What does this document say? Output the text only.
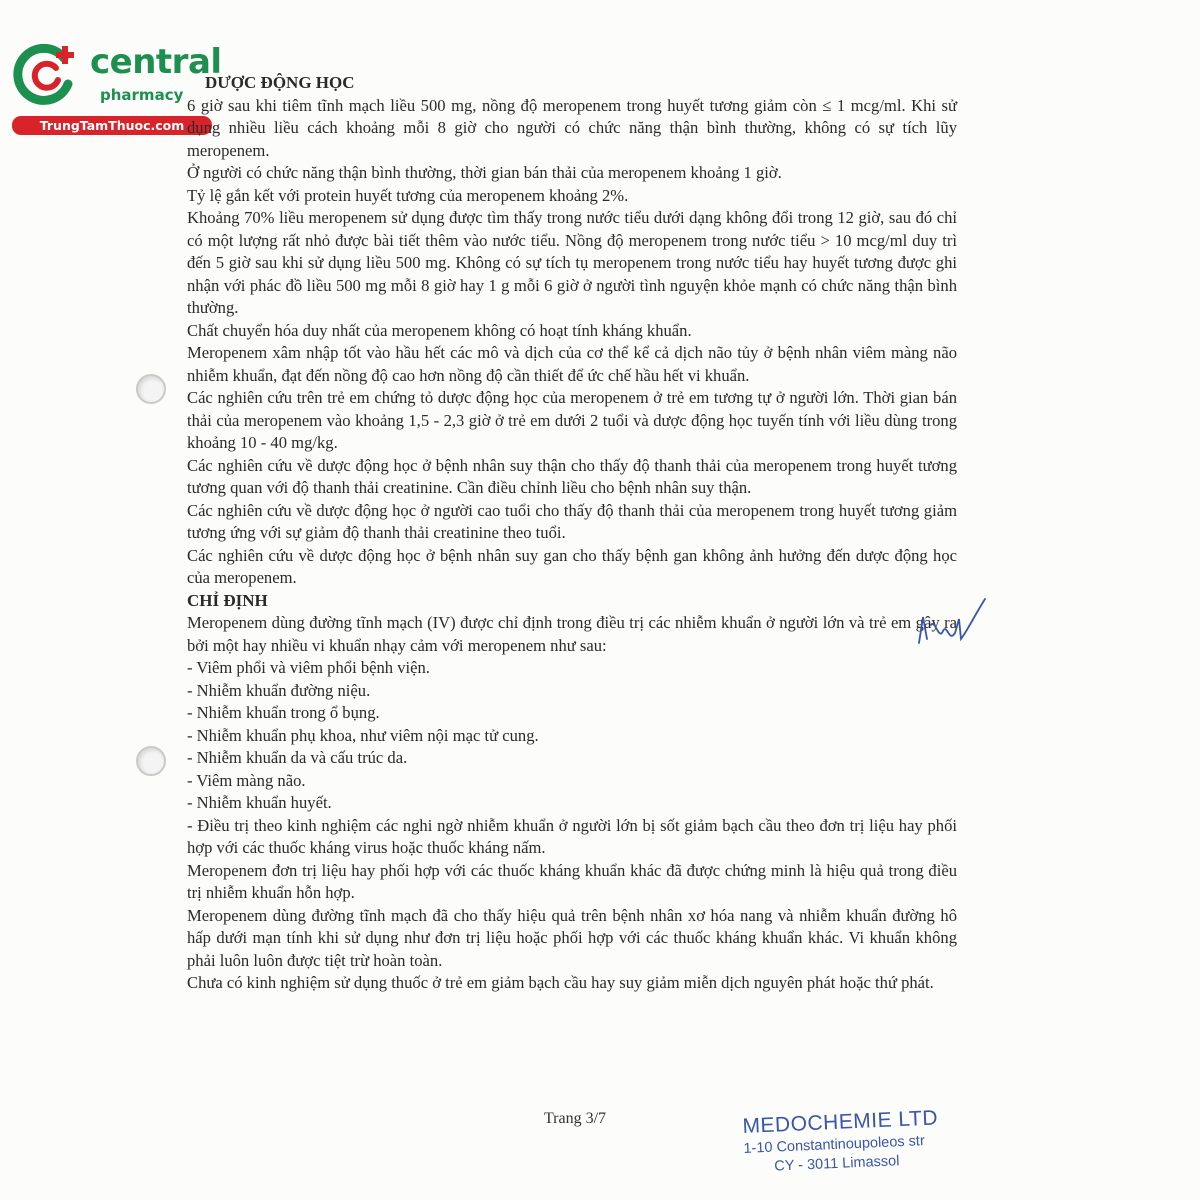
central
pharmacy
TrungTamThuoc.com
DƯỢC ĐỘNG HỌC

6 giờ sau khi tiêm tĩnh mạch liều 500 mg, nồng độ meropenem trong huyết tương giảm còn ≤ 1 mcg/ml. Khi sử dụng nhiều liều cách khoảng mỗi 8 giờ cho người có chức năng thận bình thường, không có sự tích lũy meropenem.

Ở người có chức năng thận bình thường, thời gian bán thải của meropenem khoảng 1 giờ.

Tỷ lệ gắn kết với protein huyết tương của meropenem khoảng 2%.

Khoảng 70% liều meropenem sử dụng được tìm thấy trong nước tiểu dưới dạng không đổi trong 12 giờ, sau đó chỉ có một lượng rất nhỏ được bài tiết thêm vào nước tiểu. Nồng độ meropenem trong nước tiểu > 10 mcg/ml duy trì đến 5 giờ sau khi sử dụng liều 500 mg. Không có sự tích tụ meropenem trong nước tiểu hay huyết tương được ghi nhận với phác đồ liều 500 mg mỗi 8 giờ hay 1 g mỗi 6 giờ ở người tình nguyện khỏe mạnh có chức năng thận bình thường.

Chất chuyển hóa duy nhất của meropenem không có hoạt tính kháng khuẩn.

Meropenem xâm nhập tốt vào hầu hết các mô và dịch của cơ thể kể cả dịch não tủy ở bệnh nhân viêm màng não nhiễm khuẩn, đạt đến nồng độ cao hơn nồng độ cần thiết để ức chế hầu hết vi khuẩn.

Các nghiên cứu trên trẻ em chứng tỏ dược động học của meropenem ở trẻ em tương tự ở người lớn. Thời gian bán thải của meropenem vào khoảng 1,5 - 2,3 giờ ở trẻ em dưới 2 tuổi và dược động học tuyến tính với liều dùng trong khoảng 10 - 40 mg/kg.

Các nghiên cứu về dược động học ở bệnh nhân suy thận cho thấy độ thanh thải của meropenem trong huyết tương tương quan với độ thanh thải creatinine. Cần điều chỉnh liều cho bệnh nhân suy thận.

Các nghiên cứu về dược động học ở người cao tuổi cho thấy độ thanh thải của meropenem trong huyết tương giảm tương ứng với sự giảm độ thanh thải creatinine theo tuổi.

Các nghiên cứu về dược động học ở bệnh nhân suy gan cho thấy bệnh gan không ảnh hưởng đến dược động học của meropenem.

CHỈ ĐỊNH

Meropenem dùng đường tĩnh mạch (IV) được chỉ định trong điều trị các nhiễm khuẩn ở người lớn và trẻ em gây ra bởi một hay nhiều vi khuẩn nhạy cảm với meropenem như sau:

- Viêm phổi và viêm phổi bệnh viện.

- Nhiễm khuẩn đường niệu.

- Nhiễm khuẩn trong ổ bụng.

- Nhiễm khuẩn phụ khoa, như viêm nội mạc tử cung.

- Nhiễm khuẩn da và cấu trúc da.

- Viêm màng não.

- Nhiễm khuẩn huyết.

- Điều trị theo kinh nghiệm các nghi ngờ nhiễm khuẩn ở người lớn bị sốt giảm bạch cầu theo đơn trị liệu hay phối hợp với các thuốc kháng virus hoặc thuốc kháng nấm.

Meropenem đơn trị liệu hay phối hợp với các thuốc kháng khuẩn khác đã được chứng minh là hiệu quả trong điều trị nhiễm khuẩn hỗn hợp.

Meropenem dùng đường tĩnh mạch đã cho thấy hiệu quả trên bệnh nhân xơ hóa nang và nhiễm khuẩn đường hô hấp dưới mạn tính khi sử dụng như đơn trị liệu hoặc phối hợp với các thuốc kháng khuẩn khác. Vi khuẩn không phải luôn luôn được tiệt trừ hoàn toàn.

Chưa có kinh nghiệm sử dụng thuốc ở trẻ em giảm bạch cầu hay suy giảm miễn dịch nguyên phát hoặc thứ phát.

Trang 3/7	MEDOCHEMIE LTD
1-10 Constantinoupoleos str
CY - 3011 Limassol
